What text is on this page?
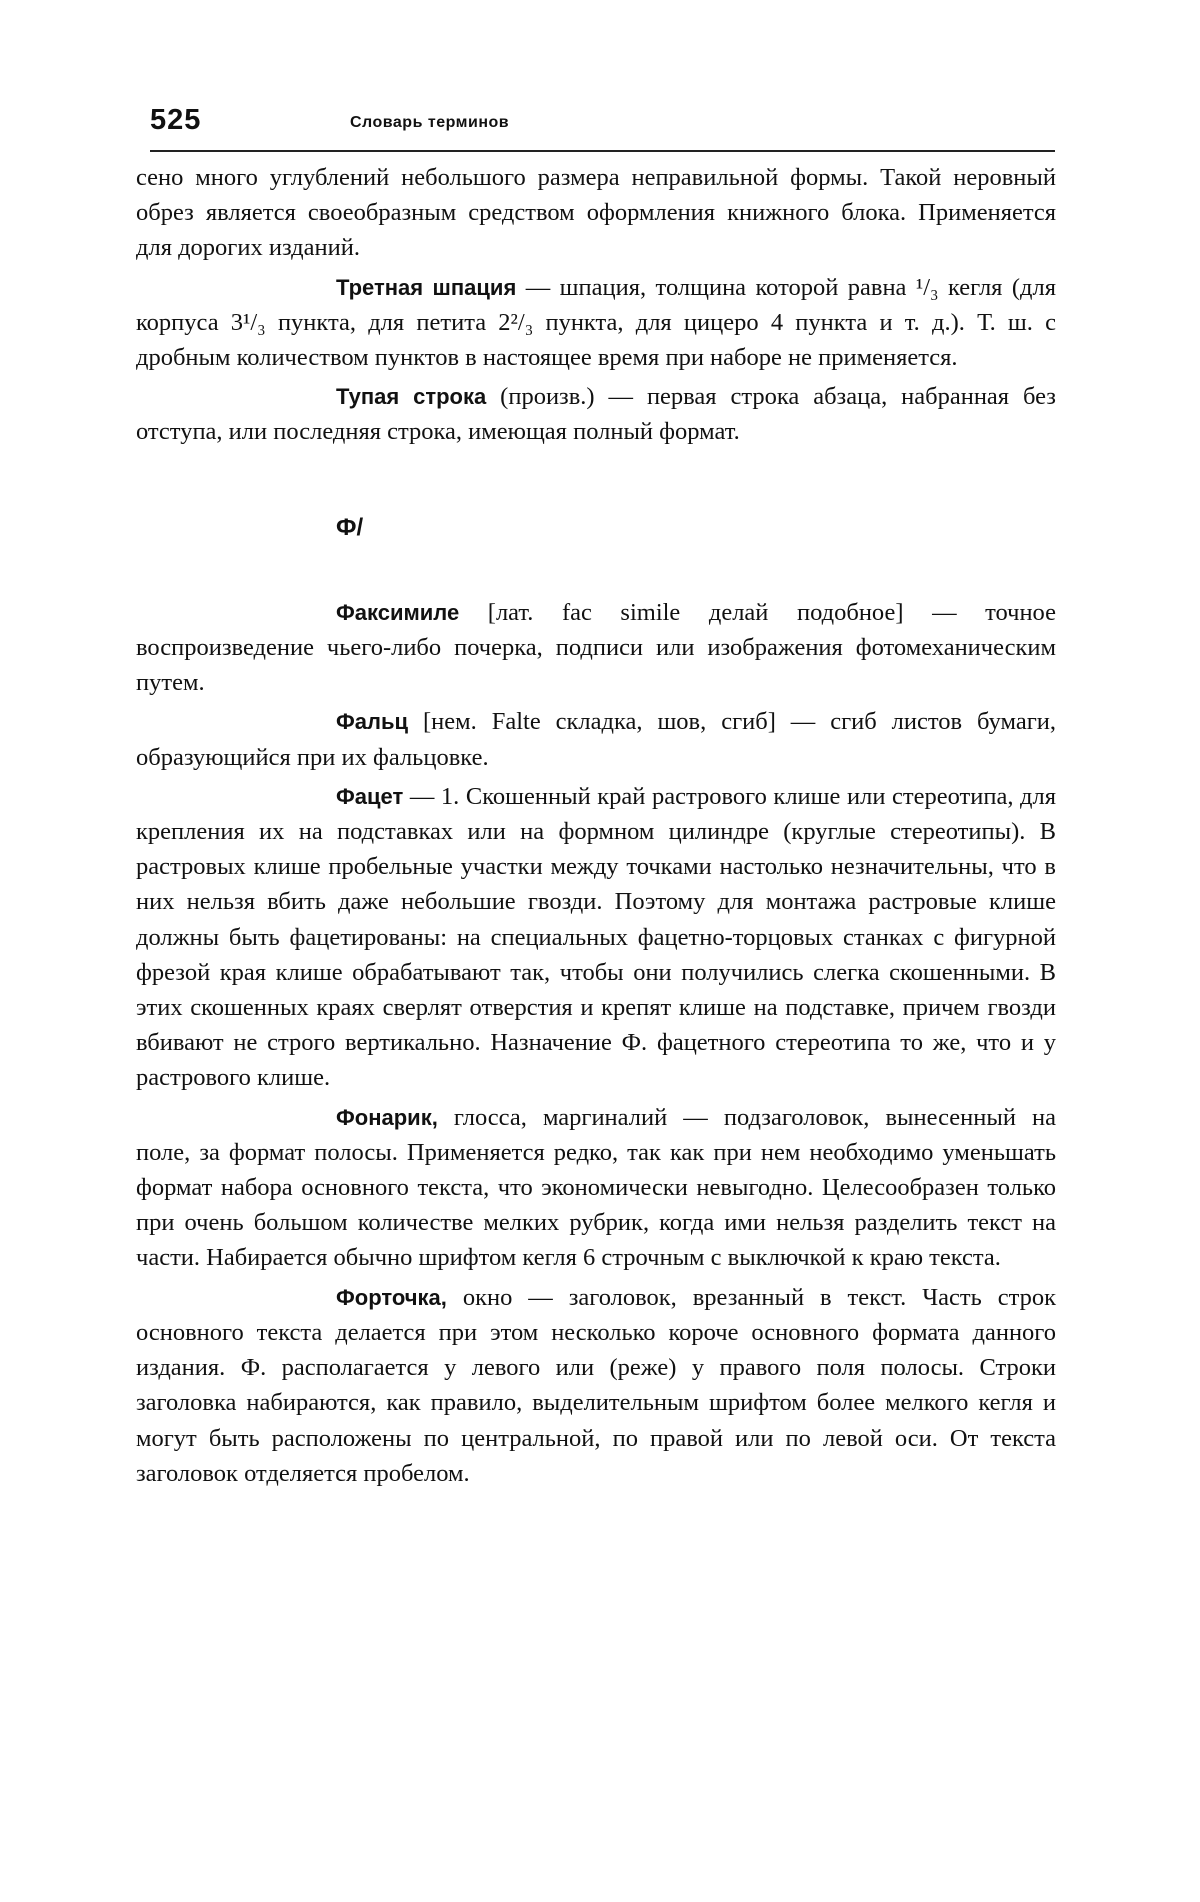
525	Словарь терминов

сено много углублений небольшого размера неправильной формы. Такой неровный обрез является своеобразным средством оформления книжного блока. Применяется для дорогих изданий.

Третная шпация — шпация, толщина которой равна ¹/₃ кегля (для корпуса 3¹/₃ пункта, для петита 2²/₃ пункта, для цицеро 4 пункта и т. д.). Т. ш. с дробным количеством пунктов в настоящее время при наборе не применяется.

Тупая строка (произв.) — первая строка абзаца, набранная без отступа, или последняя строка, имеющая полный формат.

Ф/

Факсимиле [лат. fac simile делай подобное] — точное воспроизведение чьего-либо почерка, подписи или изображения фотомеханическим путем.

Фальц [нем. Falte складка, шов, сгиб] — сгиб листов бумаги, образующийся при их фальцовке.

Фацет — 1. Скошенный край растрового клише или стереотипа, для крепления их на подставках или на формном цилиндре (круглые стереотипы). В растровых клише пробельные участки между точками настолько незначительны, что в них нельзя вбить даже небольшие гвозди. Поэтому для монтажа растровые клише должны быть фацетированы: на специальных фацетно-торцовых станках с фигурной фрезой края клише обрабатывают так, чтобы они получились слегка скошенными. В этих скошенных краях сверлят отверстия и крепят клише на подставке, причем гвозди вбивают не строго вертикально. Назначение Ф. фацетного стереотипа то же, что и у растрового клише.

Фонарик, глосса, маргиналий — подзаголовок, вынесенный на поле, за формат полосы. Применяется редко, так как при нем необходимо уменьшать формат набора основного текста, что экономически невыгодно. Целесообразен только при очень большом количестве мелких рубрик, когда ими нельзя разделить текст на части. Набирается обычно шрифтом кегля 6 строчным с выключкой к краю текста.

Форточка, окно — заголовок, врезанный в текст. Часть строк основного текста делается при этом несколько короче основного формата данного издания. Ф. располагается у левого или (реже) у правого поля полосы. Строки заголовка набираются, как правило, выделительным шрифтом более мелкого кегля и могут быть расположены по центральной, по правой или по левой оси. От текста заголовок отделяется пробелом.
